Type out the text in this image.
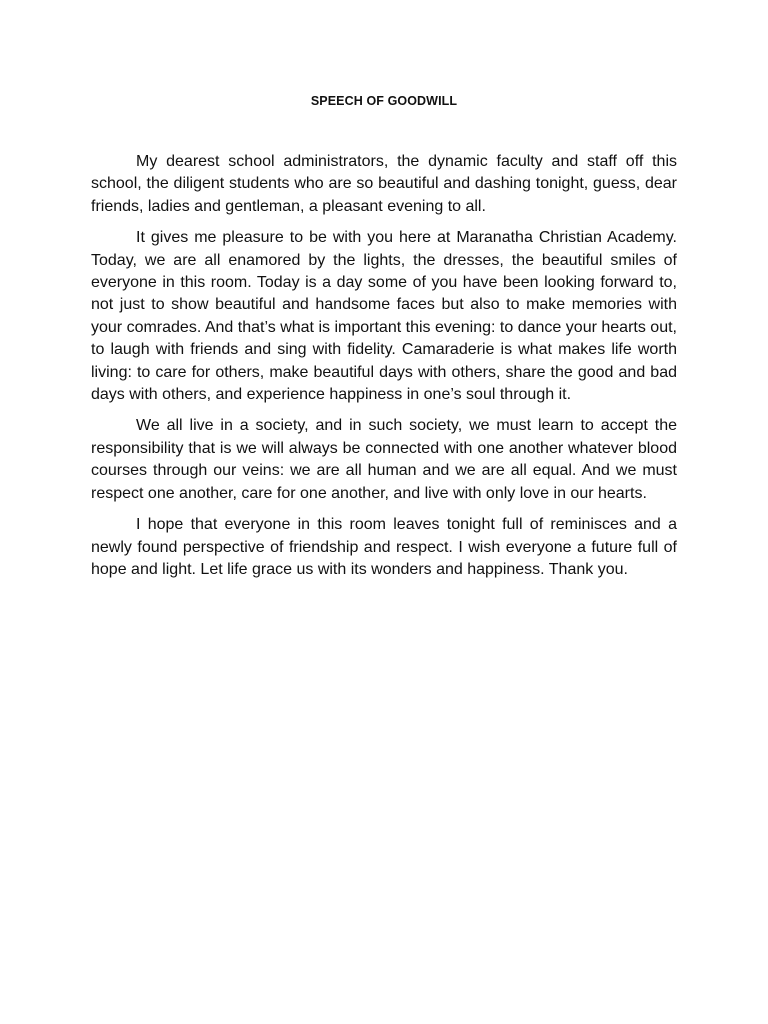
SPEECH OF GOODWILL

My dearest school administrators, the dynamic faculty and staff off this school, the diligent students who are so beautiful and dashing tonight, guess, dear friends, ladies and gentleman, a pleasant evening to all.

It gives me pleasure to be with you here at Maranatha Christian Academy. Today, we are all enamored by the lights, the dresses, the beautiful smiles of everyone in this room. Today is a day some of you have been looking forward to, not just to show beautiful and handsome faces but also to make memories with your comrades. And that’s what is important this evening: to dance your hearts out, to laugh with friends and sing with fidelity. Camaraderie is what makes life worth living: to care for others, make beautiful days with others, share the good and bad days with others, and experience happiness in one’s soul through it.

We all live in a society, and in such society, we must learn to accept the responsibility that is we will always be connected with one another whatever blood courses through our veins: we are all human and we are all equal. And we must respect one another, care for one another, and live with only love in our hearts.

I hope that everyone in this room leaves tonight full of reminisces and a newly found perspective of friendship and respect. I wish everyone a future full of hope and light. Let life grace us with its wonders and happiness. Thank you.
